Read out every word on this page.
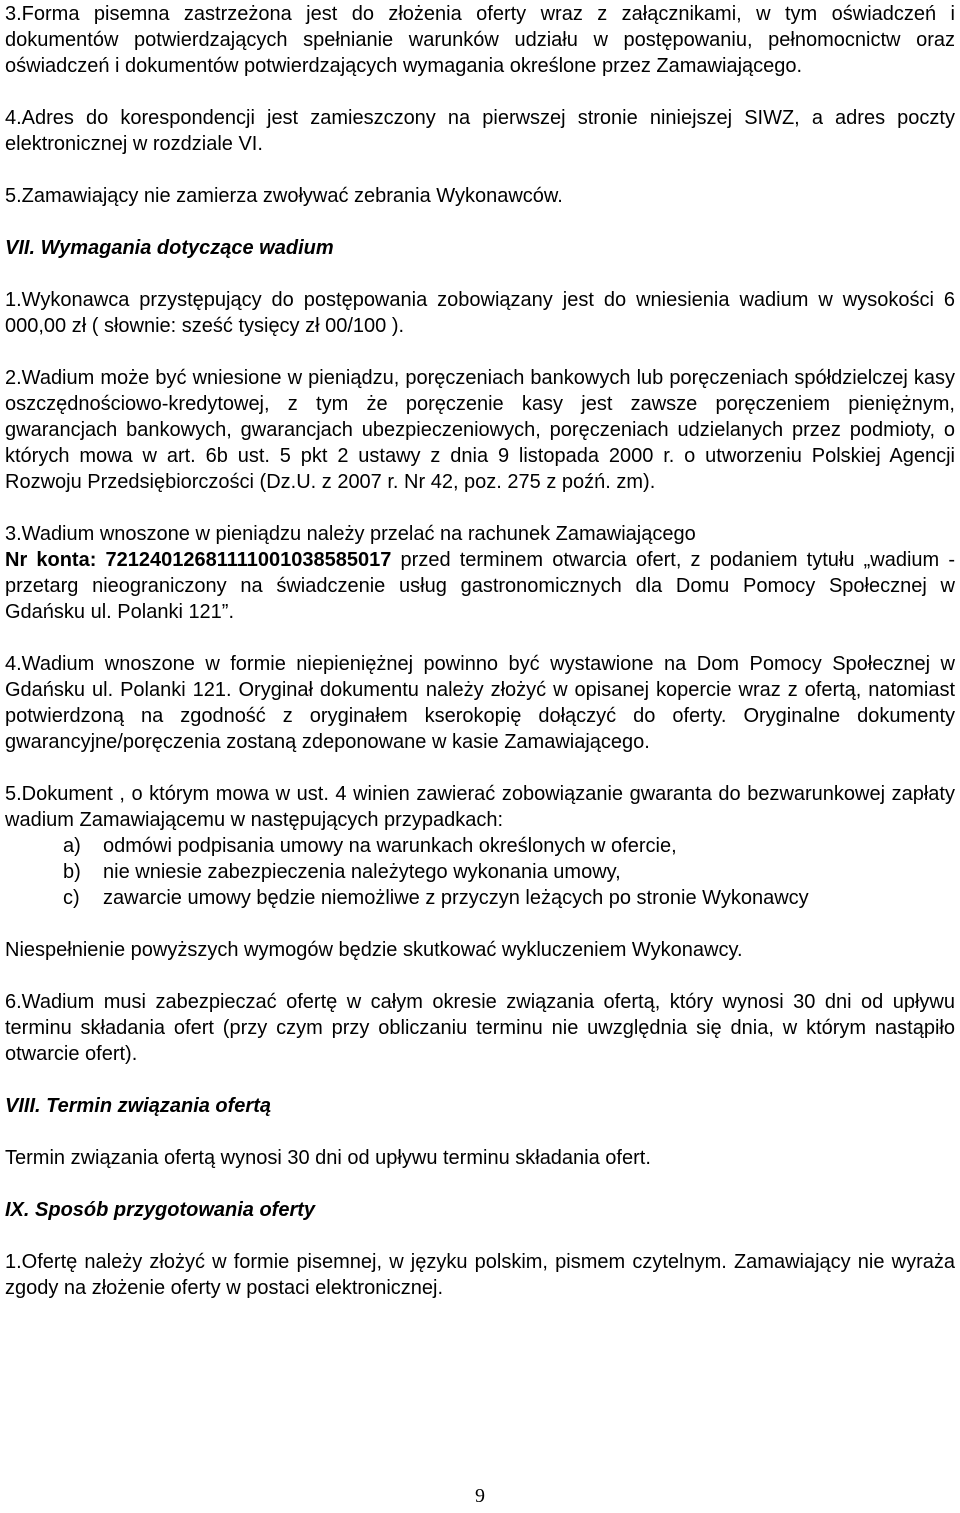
3.Forma pisemna zastrzeżona jest do złożenia oferty wraz z załącznikami, w tym oświadczeń i dokumentów potwierdzających spełnianie warunków udziału w postępowaniu, pełnomocnictw oraz oświadczeń i dokumentów potwierdzających wymagania określone przez Zamawiającego.

4.Adres do korespondencji jest zamieszczony na pierwszej stronie niniejszej SIWZ, a adres poczty elektronicznej w rozdziale VI.

5.Zamawiający nie zamierza zwoływać zebrania Wykonawców.

VII. Wymagania dotyczące wadium

1.Wykonawca przystępujący do postępowania zobowiązany jest do wniesienia wadium w wysokości 6 000,00 zł ( słownie: sześć tysięcy zł 00/100 ).

2.Wadium może być wniesione w pieniądzu, poręczeniach bankowych lub poręczeniach spółdzielczej kasy oszczędnościowo-kredytowej, z tym że poręczenie kasy jest zawsze poręczeniem pieniężnym, gwarancjach bankowych, gwarancjach ubezpieczeniowych, poręczeniach udzielanych przez podmioty, o których mowa w art. 6b ust. 5 pkt 2 ustawy z dnia 9 listopada 2000 r. o utworzeniu Polskiej Agencji Rozwoju Przedsiębiorczości (Dz.U. z 2007 r. Nr 42, poz. 275 z poźń. zm).

3.Wadium wnoszone w pieniądzu należy przelać na rachunek Zamawiającego
Nr konta: 72124012681111001038585017 przed terminem otwarcia ofert, z podaniem tytułu „wadium - przetarg nieograniczony na świadczenie usług gastronomicznych dla Domu Pomocy Społecznej w Gdańsku ul. Polanki 121”.

4.Wadium wnoszone w formie niepieniężnej powinno być wystawione na Dom Pomocy Społecznej w Gdańsku ul. Polanki 121. Oryginał dokumentu należy złożyć w opisanej kopercie wraz z ofertą, natomiast potwierdzoną na zgodność z oryginałem kserokopię dołączyć do oferty. Oryginalne dokumenty gwarancyjne/poręczenia zostaną zdeponowane w kasie Zamawiającego.

5.Dokument , o którym mowa w ust. 4 winien zawierać zobowiązanie gwaranta do bezwarunkowej zapłaty wadium Zamawiającemu w następujących przypadkach:

a)	odmówi podpisania umowy na warunkach określonych w ofercie,
b)	nie wniesie zabezpieczenia należytego wykonania umowy,
c)	zawarcie umowy będzie niemożliwe z przyczyn leżących po stronie Wykonawcy

Niespełnienie powyższych wymogów będzie skutkować wykluczeniem Wykonawcy.

6.Wadium musi zabezpieczać ofertę w całym okresie związania ofertą, który wynosi 30 dni od upływu terminu składania ofert (przy czym przy obliczaniu terminu nie uwzględnia się dnia, w którym nastąpiło otwarcie ofert).

VIII. Termin związania ofertą

Termin związania ofertą wynosi 30 dni od upływu terminu składania ofert.

IX. Sposób przygotowania oferty

1.Ofertę należy złożyć w formie pisemnej, w języku polskim, pismem czytelnym. Zamawiający nie wyraża zgody na złożenie oferty w postaci elektronicznej.

9
